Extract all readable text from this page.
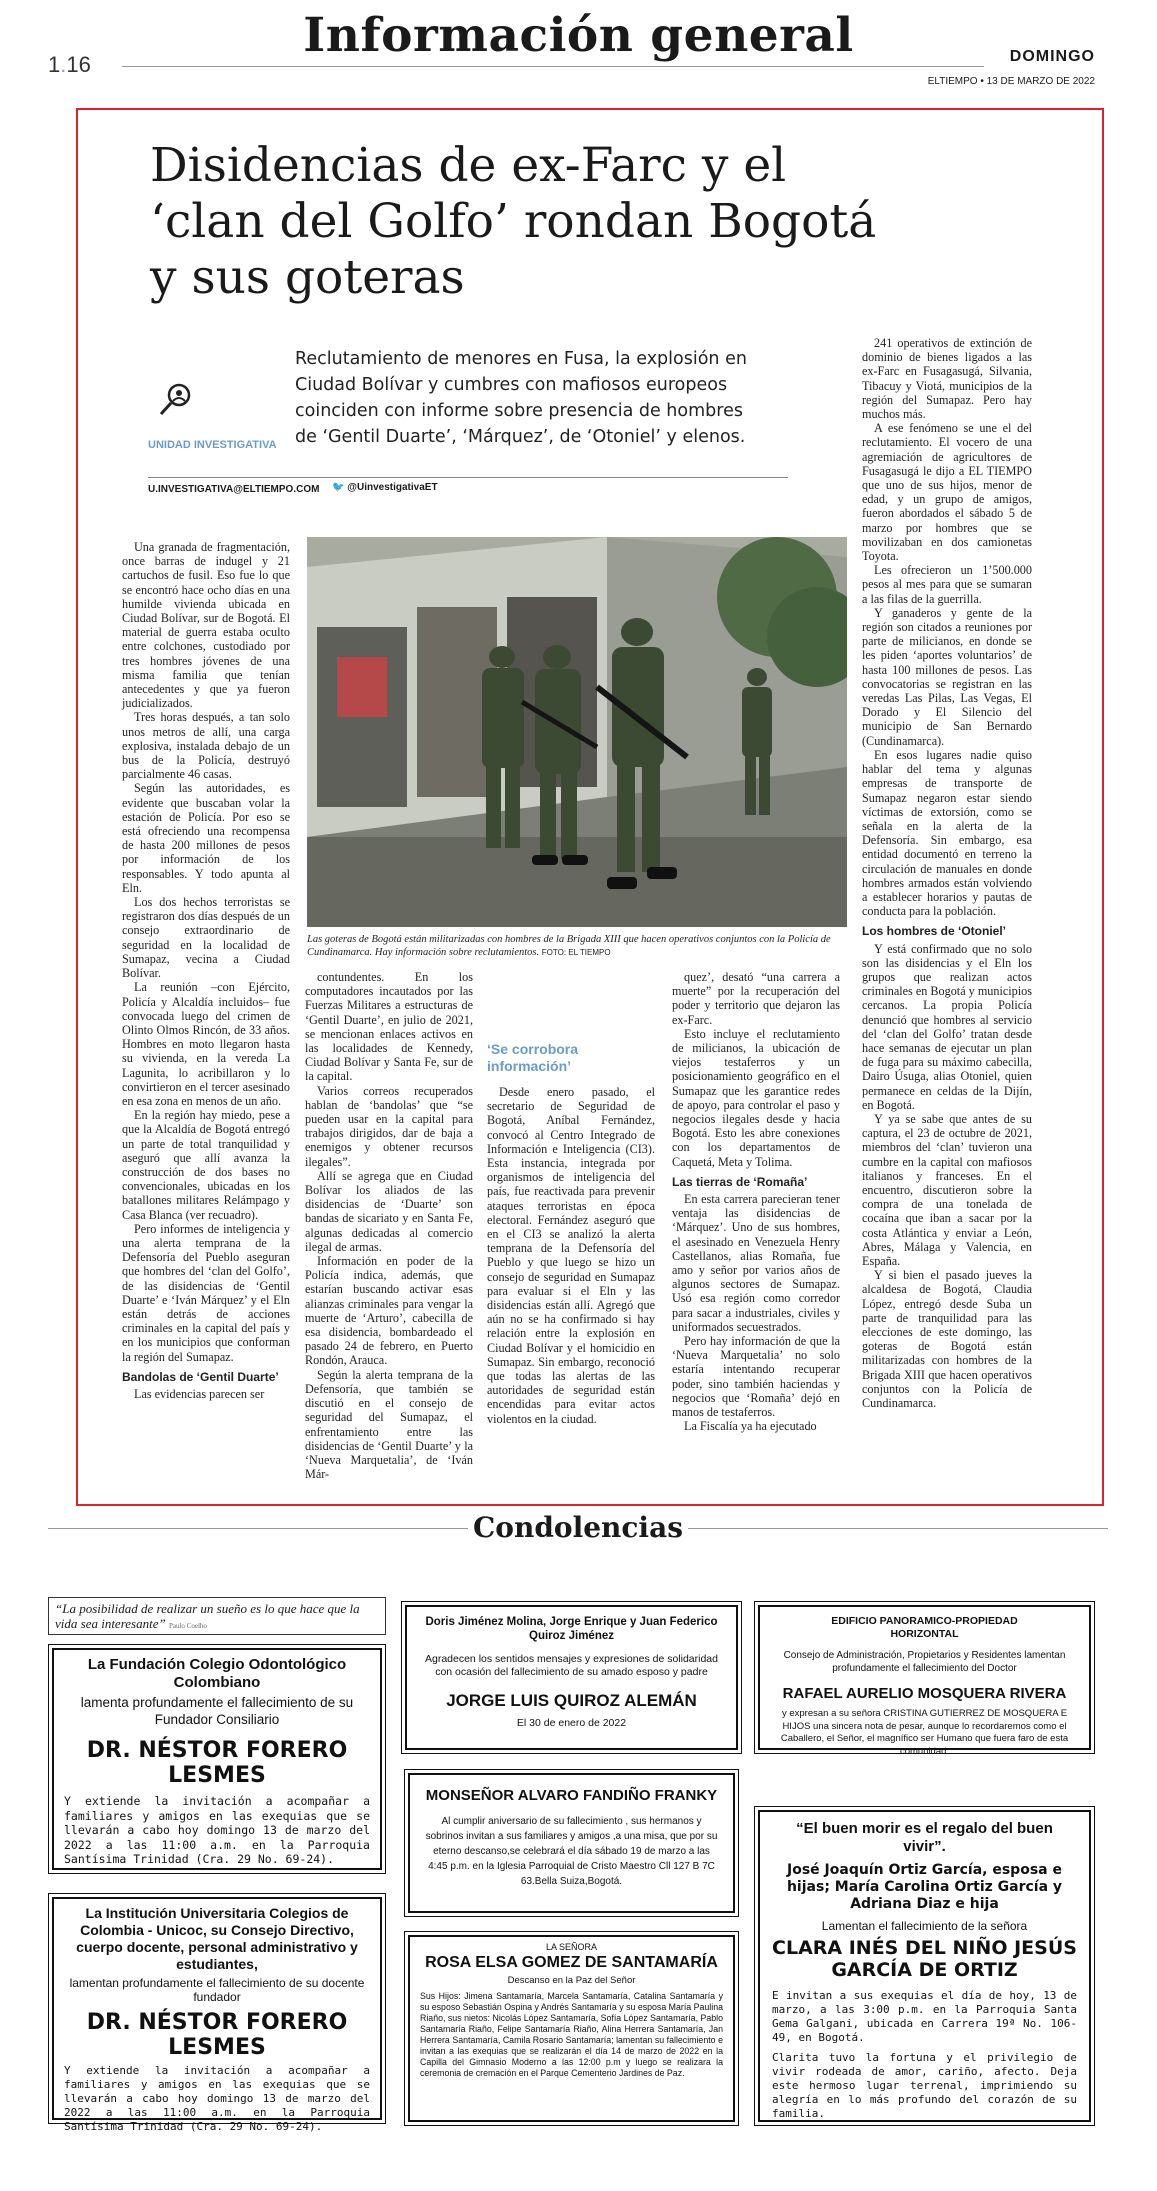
Información general
1.16	DOMINGO
ELTIEMPO • 13 DE MARZO DE 2022
Disidencias de ex-Farc y el ‘clan del Golfo’ rondan Bogotá y sus goteras
Reclutamiento de menores en Fusa, la explosión en Ciudad Bolívar y cumbres con mafiosos europeos coinciden con informe sobre presencia de hombres de ‘Gentil Duarte’, ‘Márquez’, de ‘Otoniel’ y elenos.
UNIDAD INVESTIGATIVA
U.INVESTIGATIVA@ELTIEMPO.COM 🐦 @UinvestigativaET

Una granada de fragmentación, once barras de indugel y 21 cartuchos de fusil. Eso fue lo que se encontró hace ocho días en una humilde vivienda ubicada en Ciudad Bolívar, sur de Bogotá. El material de guerra estaba oculto entre colchones, custodiado por tres hombres jóvenes de una misma familia que tenían antecedentes y que ya fueron judicializados.

Tres horas después, a tan solo unos metros de allí, una carga explosiva, instalada debajo de un bus de la Policía, destruyó parcialmente 46 casas.

Según las autoridades, es evidente que buscaban volar la estación de Policía. Por eso se está ofreciendo una recompensa de hasta 200 millones de pesos por información de los responsables. Y todo apunta al Eln.

Los dos hechos terroristas se registraron dos días después de un consejo extraordinario de seguridad en la localidad de Sumapaz, vecina a Ciudad Bolívar.

La reunión –con Ejército, Policía y Alcaldía incluidos– fue convocada luego del crimen de Olinto Olmos Rincón, de 33 años. Hombres en moto llegaron hasta su vivienda, en la vereda La Lagunita, lo acribillaron y lo convirtieron en el tercer asesinado en esa zona en menos de un año.

En la región hay miedo, pese a que la Alcaldía de Bogotá entregó un parte de total tranquilidad y aseguró que allí avanza la construcción de dos bases no convencionales, ubicadas en los batallones militares Relámpago y Casa Blanca (ver recuadro).

Pero informes de inteligencia y una alerta temprana de la Defensoría del Pueblo aseguran que hombres del ‘clan del Golfo’, de las disidencias de ‘Gentil Duarte’ e ‘Iván Márquez’ y el Eln están detrás de acciones criminales en la capital del país y en los municipios que conforman la región del Sumapaz.

Bandolas de ‘Gentil Duarte’

Las evidencias parecen ser

Las goteras de Bogotá están militarizadas con hombres de la Brigada XIII que hacen operativos conjuntos con la Policía de Cundinamarca. Hay información sobre reclutamientos. FOTO: EL TIEMPO

contundentes. En los computadores incautados por las Fuerzas Militares a estructuras de ‘Gentil Duarte’, en julio de 2021, se mencionan enlaces activos en las localidades de Kennedy, Ciudad Bolívar y Santa Fe, sur de la capital.

Varios correos recuperados hablan de ‘bandolas’ que “se pueden usar en la capital para trabajos dirigidos, dar de baja a enemigos y obtener recursos ilegales”.

Allí se agrega que en Ciudad Bolívar los aliados de las disidencias de ‘Duarte’ son bandas de sicariato y en Santa Fe, algunas dedicadas al comercio ilegal de armas.

Información en poder de la Policía indica, además, que estarían buscando activar esas alianzas criminales para vengar la muerte de ‘Arturo’, cabecilla de esa disidencia, bombardeado el pasado 24 de febrero, en Puerto Rondón, Arauca.

Según la alerta temprana de la Defensoría, que también se discutió en el consejo de seguridad del Sumapaz, el enfrentamiento entre las disidencias de ‘Gentil Duarte’ y la ‘Nueva Marquetalia’, de ‘Iván Már-

‘Se corrobora información’

Desde enero pasado, el secretario de Seguridad de Bogotá, Aníbal Fernández, convocó al Centro Integrado de Información e Inteligencia (CI3). Esta instancia, integrada por organismos de inteligencia del país, fue reactivada para prevenir ataques terroristas en época electoral. Fernández aseguró que en el CI3 se analizó la alerta temprana de la Defensoría del Pueblo y que luego se hizo un consejo de seguridad en Sumapaz para evaluar si el Eln y las disidencias están allí. Agregó que aún no se ha confirmado si hay relación entre la explosión en Ciudad Bolívar y el homicidio en Sumapaz. Sin embargo, reconoció que todas las alertas de las autoridades de seguridad están encendidas para evitar actos violentos en la ciudad.

quez’, desató “una carrera a muerte” por la recuperación del poder y territorio que dejaron las ex-Farc.

Esto incluye el reclutamiento de milicianos, la ubicación de viejos testaferros y un posicionamiento geográfico en el Sumapaz que les garantice redes de apoyo, para controlar el paso y negocios ilegales desde y hacia Bogotá. Esto les abre conexiones con los departamentos de Caquetá, Meta y Tolima.

Las tierras de ‘Romaña’

En esta carrera parecieran tener ventaja las disidencias de ‘Márquez’. Uno de sus hombres, el asesinado en Venezuela Henry Castellanos, alias Romaña, fue amo y señor por varios años de algunos sectores de Sumapaz. Usó esa región como corredor para sacar a industriales, civiles y uniformados secuestrados.

Pero hay información de que la ‘Nueva Marquetalia’ no solo estaría intentando recuperar poder, sino también haciendas y negocios que ‘Romaña’ dejó en manos de testaferros.

La Fiscalía ya ha ejecutado

241 operativos de extinción de dominio de bienes ligados a las ex-Farc en Fusagasugá, Silvania, Tibacuy y Viotá, municipios de la región del Sumapaz. Pero hay muchos más.

A ese fenómeno se une el del reclutamiento. El vocero de una agremiación de agricultores de Fusagasugá le dijo a EL TIEMPO que uno de sus hijos, menor de edad, y un grupo de amigos, fueron abordados el sábado 5 de marzo por hombres que se movilizaban en dos camionetas Toyota.

Les ofrecieron un 1’500.000 pesos al mes para que se sumaran a las filas de la guerrilla.

Y ganaderos y gente de la región son citados a reuniones por parte de milicianos, en donde se les piden ‘aportes voluntarios’ de hasta 100 millones de pesos. Las convocatorias se registran en las veredas Las Pilas, Las Vegas, El Dorado y El Silencio del municipio de San Bernardo (Cundinamarca).

En esos lugares nadie quiso hablar del tema y algunas empresas de transporte de Sumapaz negaron estar siendo víctimas de extorsión, como se señala en la alerta de la Defensoría. Sin embargo, esa entidad documentó en terreno la circulación de manuales en donde hombres armados están volviendo a establecer horarios y pautas de conducta para la población.

Los hombres de ‘Otoniel’

Y está confirmado que no solo son las disidencias y el Eln los grupos que realizan actos criminales en Bogotá y municipios cercanos. La propia Policía denunció que hombres al servicio del ‘clan del Golfo’ tratan desde hace semanas de ejecutar un plan de fuga para su máximo cabecilla, Dairo Úsuga, alias Otoniel, quien permanece en celdas de la Dijín, en Bogotá.

Y ya se sabe que antes de su captura, el 23 de octubre de 2021, miembros del ‘clan’ tuvieron una cumbre en la capital con mafiosos italianos y franceses. En el encuentro, discutieron sobre la compra de una tonelada de cocaína que iban a sacar por la costa Atlántica y enviar a León, Abres, Málaga y Valencia, en España.

Y si bien el pasado jueves la alcaldesa de Bogotá, Claudia López, entregó desde Suba un parte de tranquilidad para las elecciones de este domingo, las goteras de Bogotá están militarizadas con hombres de la Brigada XIII que hacen operativos conjuntos con la Policía de Cundinamarca.

Condolencias
“La posibilidad de realizar un sueño es lo que hace que la vida sea interesante” Paulo Coelho
La Fundación Colegio Odontológico Colombiano
lamenta profundamente el fallecimiento de su Fundador Consiliario
DR. NÉSTOR FORERO LESMES
Y extiende la invitación a acompañar a familiares y amigos en las exequias que se llevarán a cabo hoy domingo 13 de marzo del 2022 a las 11:00 a.m. en la Parroquia Santísima Trinidad (Cra. 29 No. 69-24).
La Institución Universitaria Colegios de Colombia - Unicoc, su Consejo Directivo, cuerpo docente, personal administrativo y estudiantes,
lamentan profundamente el fallecimiento de su docente fundador
DR. NÉSTOR FORERO LESMES
Y extiende la invitación a acompañar a familiares y amigos en las exequias que se llevarán a cabo hoy domingo 13 de marzo del 2022 a las 11:00 a.m. en la Parroquia Santísima Trinidad (Cra. 29 No. 69-24).
Doris Jiménez Molina, Jorge Enrique y Juan Federico Quiroz Jiménez
Agradecen los sentidos mensajes y expresiones de solidaridad con ocasión del fallecimiento de su amado esposo y padre
JORGE LUIS QUIROZ ALEMÁN
El 30 de enero de 2022
MONSEÑOR ALVARO FANDIÑO FRANKY
Al cumplir aniversario de su fallecimiento , sus hermanos y sobrinos invitan a sus familiares y amigos ,a una misa, que por su eterno descanso,se celebrará el día sábado 19 de marzo a las 4:45 p.m. en la Iglesia Parroquial de Cristo Maestro Cll 127 B 7C 63.Bella Suiza,Bogotá.
LA SEÑORA
ROSA ELSA GOMEZ DE SANTAMARÍA
Descanso en la Paz del Señor
Sus Hijos: Jimena Santamaría, Marcela Santamaría, Catalina Santamaría y su esposo Sebastián Ospina y Andrés Santamaría y su esposa María Paulina Riaño, sus nietos: Nicolás López Santamaría, Sofía López Santamaría, Pablo Santamaría Riaño, Felipe Santamaría Riaño, Alina Herrera Santamaría, Jan Herrera Santamaría, Camila Rosario Santamaría; lamentan su fallecimiento e invitan a las exequias que se realizarán el día 14 de marzo de 2022 en la Capilla del Gimnasio Moderno a las 12:00 p.m y luego se realizara la ceremonia de cremación en el Parque Cementerio Jardines de Paz.
EDIFICIO PANORAMICO-PROPIEDAD HORIZONTAL
Consejo de Administración, Propietarios y Residentes lamentan profundamente el fallecimiento del Doctor
RAFAEL AURELIO MOSQUERA RIVERA
y expresan a su señora CRISTINA GUTIERREZ DE MOSQUERA E HIJOS una sincera nota de pesar, aunque lo recordaremos como el Caballero, el Señor, el magnífico ser Humano que fuera faro de esta comunidad.
“El buen morir es el regalo del buen vivir”.
José Joaquín Ortiz García, esposa e hijas; María Carolina Ortiz García y Adriana Diaz e hija
Lamentan el fallecimiento de la señora
CLARA INÉS DEL NIÑO JESÚS GARCÍA DE ORTIZ
E invitan a sus exequias el día de hoy, 13 de marzo, a las 3:00 p.m. en la Parroquia Santa Gema Galgani, ubicada en Carrera 19ª No. 106-49, en Bogotá.
Clarita tuvo la fortuna y el privilegio de vivir rodeada de amor, cariño, afecto. Deja este hermoso lugar terrenal, imprimiendo su alegría en lo más profundo del corazón de su familia.
